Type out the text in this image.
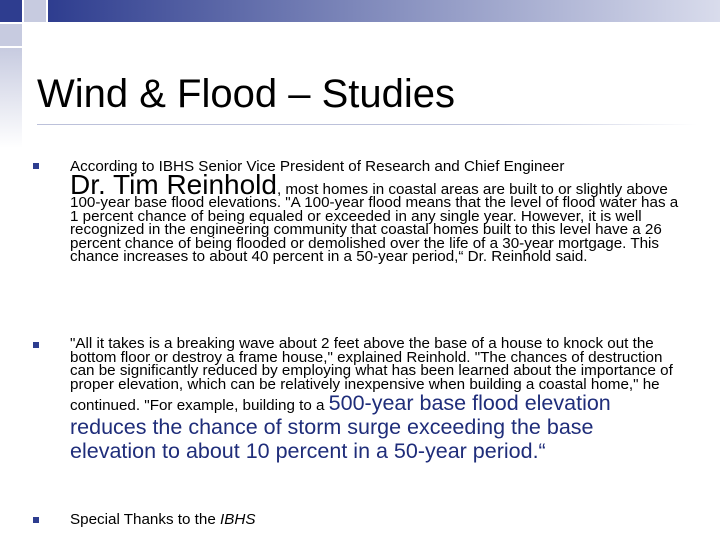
Wind & Flood – Studies

According to IBHS Senior Vice President of Research and Chief Engineer
Dr. Tim Reinhold, most homes in coastal areas are built to or slightly above 100-year base flood elevations. "A 100-year flood means that the level of flood water has a 1 percent chance of being equaled or exceeded in any single year. However, it is well recognized in the engineering community that coastal homes built to this level have a 26 percent chance of being flooded or demolished over the life of a 30-year mortgage. This chance increases to about 40 percent in a 50-year period,“ Dr. Reinhold said.

"All it takes is a breaking wave about 2 feet above the base of a house to knock out the bottom floor or destroy a frame house," explained Reinhold. "The chances of destruction can be significantly reduced by employing what has been learned about the importance of proper elevation, which can be relatively inexpensive when building a coastal home," he continued. "For example, building to a 500-year base flood elevation reduces the chance of storm surge exceeding the base elevation to about 10 percent in a 50-year period.“

Special Thanks to the IBHS
